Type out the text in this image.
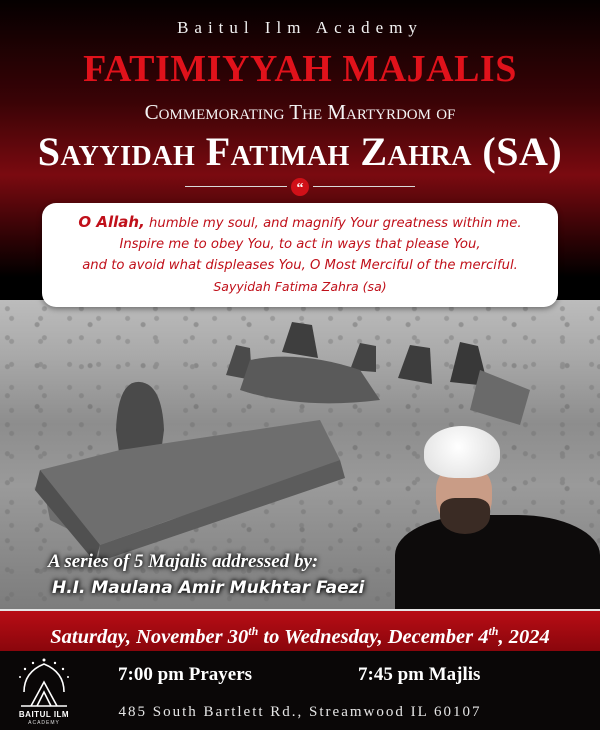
Baitul Ilm Academy
FATIMIYYAH MAJALIS
Commemorating The Martyrdom of
Sayyidah Fatimah Zahra (SA)
“
O Allah, humble my soul, and magnify Your greatness within me.
Inspire me to obey You, to act in ways that please You,
and to avoid what displeases You, O Most Merciful of the merciful.
Sayyidah Fatima Zahra (sa)
A series of 5 Majalis addressed by:
H.I. Maulana Amir Mukhtar Faezi
Saturday, November 30th to Wednesday, December 4th, 2024
BAITUL ILM
ACADEMY
7:00 pm Prayers	7:45 pm Majlis
485 South Bartlett Rd., Streamwood IL 60107
